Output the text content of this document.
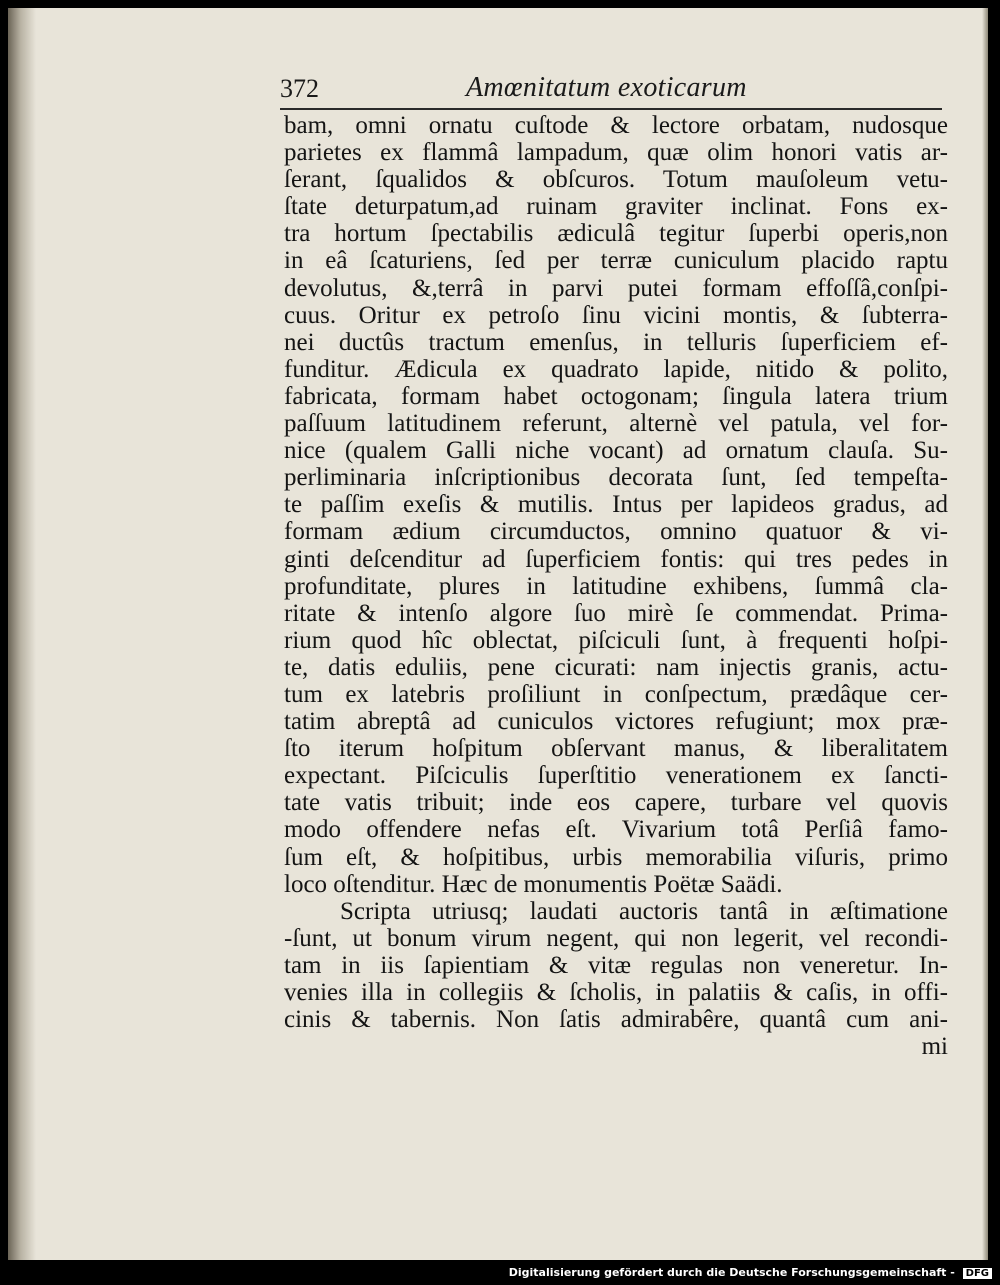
372	Amœnitatum exoticarum
bam, omni ornatu cuſtode & lectore orbatam, nudosque
parietes ex flammâ lampadum, quæ olim honori vatis ar-
ſerant, ſqualidos & obſcuros. Totum mauſoleum vetu-
ſtate deturpatum,ad ruinam graviter inclinat. Fons ex-
tra hortum ſpectabilis ædiculâ tegitur ſuperbi operis,non
in eâ ſcaturiens, ſed per terræ cuniculum placido raptu
devolutus, &,terrâ in parvi putei formam effoſſâ,conſpi-
cuus. Oritur ex petroſo ſinu vicini montis, & ſubterra-
nei ductûs tractum emenſus, in telluris ſuperficiem ef-
funditur. Ædicula ex quadrato lapide, nitido & polito,
fabricata, formam habet octogonam; ſingula latera trium
paſſuum latitudinem referunt, alternè vel patula, vel for-
nice (qualem Galli niche vocant) ad ornatum clauſa. Su-
perliminaria inſcriptionibus decorata ſunt, ſed tempeſta-
te paſſim exeſis & mutilis. Intus per lapideos gradus, ad
formam ædium circumductos, omnino quatuor & vi-
ginti deſcenditur ad ſuperficiem fontis: qui tres pedes in
profunditate, plures in latitudine exhibens, ſummâ cla-
ritate & intenſo algore ſuo mirè ſe commendat. Prima-
rium quod hîc oblectat, piſciculi ſunt, à frequenti hoſpi-
te, datis eduliis, pene cicurati: nam injectis granis, actu-
tum ex latebris proſiliunt in conſpectum, prædâque cer-
tatim abreptâ ad cuniculos victores refugiunt; mox præ-
ſto iterum hoſpitum obſervant manus, & liberalitatem
expectant. Piſciculis ſuperſtitio venerationem ex ſancti-
tate vatis tribuit; inde eos capere, turbare vel quovis
modo offendere nefas eſt. Vivarium totâ Perſiâ famo-
ſum eſt, & hoſpitibus, urbis memorabilia viſuris, primo
loco oſtenditur. Hæc de monumentis Poëtæ Saädi.
Scripta utriusq; laudati auctoris tantâ in æſtimatione
-ſunt, ut bonum virum negent, qui non legerit, vel recondi-
tam in iis ſapientiam & vitæ regulas non veneretur. In-
venies illa in collegiis & ſcholis, in palatiis & caſis, in offi-
cinis & tabernis. Non ſatis admirabêre, quantâ cum ani-
mi
Digitalisierung gefördert durch die Deutsche Forschungsgemeinschaft - DFG
